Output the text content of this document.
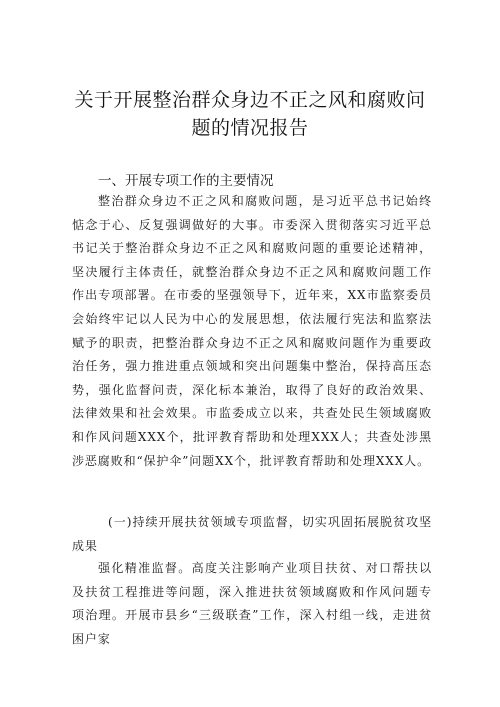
关于开展整治群众身边不正之风和腐败问
题的情况报告
一、开展专项工作的主要情况
整治群众身边不正之风和腐败问题，是习近平总书记始终惦念于心、反复强调做好的大事。市委深入贯彻落实习近平总书记关于整治群众身边不正之风和腐败问题的重要论述精神，坚决履行主体责任，就整治群众身边不正之风和腐败问题工作作出专项部署。在市委的坚强领导下，近年来，XX市监察委员会始终牢记以人民为中心的发展思想，依法履行宪法和监察法赋予的职责，把整治群众身边不正之风和腐败问题作为重要政治任务，强力推进重点领域和突出问题集中整治，保持高压态势，强化监督问责，深化标本兼治，取得了良好的政治效果、法律效果和社会效果。市监委成立以来，共查处民生领域腐败和作风问题XXX个，批评教育帮助和处理XXX人；共查处涉黑涉恶腐败和“保护伞”问题XX个，批评教育帮助和处理XXX人。
(一)持续开展扶贫领域专项监督，切实巩固拓展脱贫攻坚成果
强化精准监督。高度关注影响产业项目扶贫、对口帮扶以及扶贫工程推进等问题，深入推进扶贫领域腐败和作风问题专项治理。开展市县乡“三级联查”工作，深入村组一线，走进贫困户家
